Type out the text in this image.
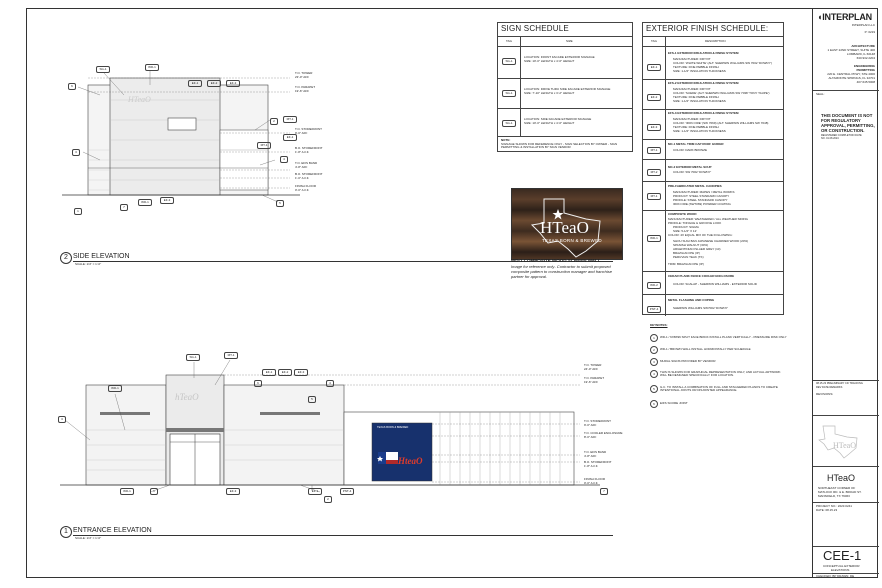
HTeaO
T.O. TOWER
23'-0" AFF
T.O. PARAPET
19'-6" AFF
T.O. STOREFRONT
9'-0" AFF
B.O. STOREFRONT
1'-8" A.F.F.
T.O. EFIS BAND
4'-8" AFF
B.O. STOREFRONT
1'-0" A.F.F.
FINISH FLOOR
0'-0" A.F.F.
SG-1	WD-1
EF-1	EF-2	EF-3
MT-1
EF-1
MT-1
EF-3
WD-1
6
3
1
4
2
5
7
2 SIDE ELEVATION
SCALE: 1/4" = 1'-0"
hTeaO
TEXAS BORN & BREWED
HteaO
T.O. TOWER
24'-0" AFF
T.O. PARAPET
19'-6" AFF
T.O. STOREFRONT
9'-0" AFF
T.O. COOLER ENCLOSURE
8'-0" AFF
T.O. EFIS BAND
4'-8" AFF
B.O. STOREFRONT
1'-8" A.F.F.
FINISH FLOOR
0'-0" A.F.F.
SG-1	MT-1
WD-1
EF-1	EF-2	EF-3
WD-1	EF-3	EF-1	PNT-4
3
4
5
6
1
2
7
1 ENTRANCE ELEVATION
SCALE: 1/4" = 1'-0"
SIGN SCHEDULE
TAG	SIZE
SG-1
LOCATION: FRONT FACADE EXTERIOR SIGNAGE
SIZE: 10'-0" LENGTH x 4'-0" HEIGHT
SG-1
LOCATION: DRIVE THRU SIDE FACADE EXTERIOR SIGNAGE
SIZE: 7'-10" LENGTH x 3'-2" HEIGHT
SG-1
LOCATION: SIDE FACADE EXTERIOR SIGNAGE
SIZE: 10'-0" LENGTH x 4'-0" HEIGHT
NOTE:
SIGNAGE SHOWN FOR REFERENCE ONLY - SIGN SELECTION BY OWNER - SIGN PERMITTING & INSTALLATION BY SIGN VENDOR
HTeaO
TEXAS BORN & BREWED
WD-1 COMPOSITE WOOD SCREEN WALL
Image for reference only- Contractor to submit proposed composite pattern to construction manager and franchise partner for approval.
EXTERIOR FINISH SCHEDULE:
TAG	DESCRIPTION
EF-1
EFS-1 EXTERIOR INSULATION & FINISH SYSTEM
MANUFACTURER: DRYVIT
COLOR: 'WHITE WHITE' (ALT: SHERWIN WILLIAMS SW 7002 'DOWNY')
TEXTURE: FINE PEBBLE FINISH
SIZE: 1-1/2" INSULATION THICKNESS
EF-2
EFS-2 EXTERIOR INSULATION & FINISH SYSTEM
MANUFACTURER: DRYVIT
COLOR: 'SUEDE' (ALT: SHERWIN WILLIAMS SW 7038 'TONY TAUPE')
TEXTURE: FINE PEBBLE FINISH
SIZE: 1-1/2" INSULATION THICKNESS
EF-3
EFS-3 EXTERIOR INSULATION & FINISH SYSTEM
MANUFACTURER: DRYVIT
COLOR: 'IRON ORE' (SW 7069) (ALT: SHERWIN WILLIAMS SW 7048)
TEXTURE: FINE PEBBLE FINISH
SIZE: 1-1/2" INSULATION THICKNESS
MT-1
MC-1 METAL TRIM CAP ROOF GUIDER
COLOR: DARK BRONZE
MT-2
MC-2 EXTERIOR METAL SCUP
COLOR: SW 7002 'DOWNY'
MT-1
PRE-FABRICATED METAL CANOPIES
MANUFACTURER: MAPES / METAL WORKS
PRODUCT: STEEL STANDARD CANOPY
PROFILE: STEEL STANDARD CANOPY
IRON ORE (SW7069) POWDER COATING
WD-1
COMPOSITE WOOD
MANUFACTURER: WEATHERED / ALL WEATHER SIDING
PROFILE: TONGUE & GROOVE LOOK
PRODUCT: SIGMA
SIZE: 5-1/2" X 12'
COLOR: 4X EQUAL MIX OF THE FOLLOWING:
SHOU SUGI BAN JAPANESE CHARRED WOOD (20%)
SPANISH WALNUT (30%)
ARGENTINIAN ISLAER GREY (10)
BRAZILIAN IPE (IP)
PERUVIAN TEAK (TK)
TRIM: BRAZILIAN IPE (IP)
WD-2
CEDAR PLANK FENCE COOLER ENCLOSURE
COLOR: SCALAP - SHERWIN WILLIAMS - EXTERIOR SOLID
PNT-4
METAL FLASHING AND COPING
SHERWIN WILLIAMS SW7002 'DOWNY'
KEYNOTES:
1	WD-1 / 6X8X96 SPLIT FACE BRICK INSTALL PLANK VERTICALLY - PRESSURE RISK ONLY
2	WD-1 / BROWN WALL INSTALL HORIZONTALLY PER SCHEDULE
3	MURAL SIGNS PROVIDED BY VENDOR
4	THIS IS SHOWN FOR GRAPHICAL REPRESENTATION ONLY, AND ACTUAL ARTWORK WILL BE DESIGNED SPECIFICALLY FOR LOCATION.
5	G.C. TO INSTALL A COMBINATION OF FULL AND STAGGERED PLANKS TO CREATE INTENTIONAL JOINTS OR DISJOINTED APPEARANCE.
6	EIFS SCORE JOINT
◖INTERPLAN
INTERPLAN LLC
P: 0219
ARCHITECTURE
1 EAST 22ND STREET, SUITE 400
LOMBARD, IL 60148
630.932.2204
ENGINEERING
PERMITTING
220 E. CENTRAL PKWY, STE 4000
ALTAMONTE SPRINGS, FL 32701
407.645.5008
SEAL:
THIS DOCUMENT IS NOT
FOR REGULATORY
APPROVAL, PERMITTING,
OR CONSTRUCTION.
REGISTERED COMPLETION DATE
NO. 01.08.2024
08.15.23 PRELIMINARY CD TRACKING
REV DATE REMARKS
REVISIONS:
HTeaO
HTeaO
NORTHEAST CORNER OF
MATLOCK RD. & E. BROAD ST.
MANSFIELD, TX 76063
PROJECT NO.: 2023.0241
DATE: 08.15.23
CEE-1
CONCEPTUAL EXTERIOR
ELEVATIONS
CHECKED: BP DRAWN: DE
